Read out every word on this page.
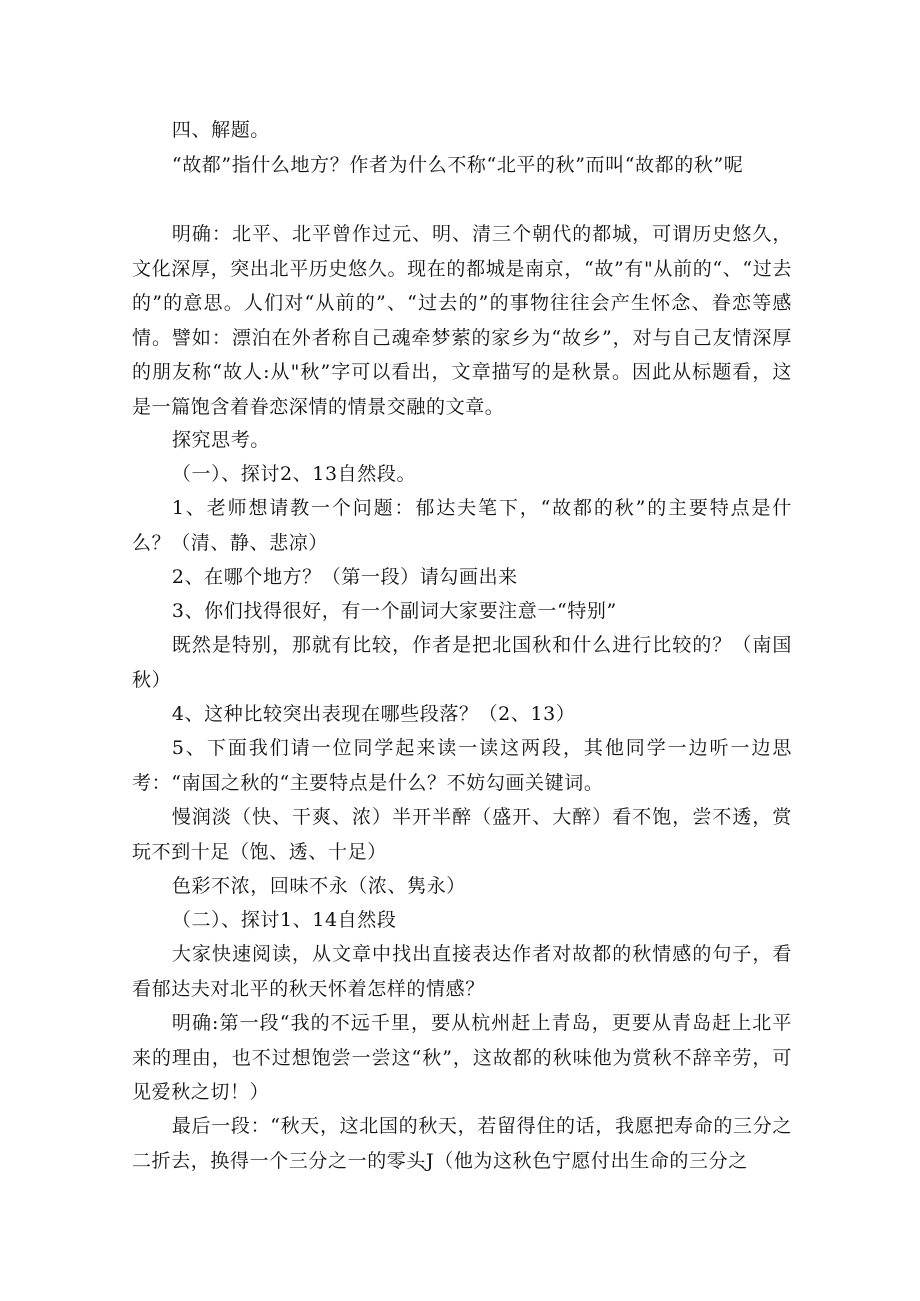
四、解题。

“故都”指什么地方？作者为什么不称“北平的秋”而叫“故都的秋”呢

明确：北平、北平曾作过元、明、清三个朝代的都城，可谓历史悠久，文化深厚，突出北平历史悠久。现在的都城是南京，“故”有"从前的“、“过去的”的意思。人们对“从前的”、“过去的”的事物往往会产生怀念、眷恋等感情。譬如：漂泊在外者称自己魂牵梦萦的家乡为“故乡”，对与自己友情深厚的朋友称“故人:从"秋”字可以看出，文章描写的是秋景。因此从标题看，这是一篇饱含着眷恋深情的情景交融的文章。

探究思考。

（一）、探讨2、13自然段。

1、老师想请教一个问题：郁达夫笔下，“故都的秋”的主要特点是什么？（清、静、悲凉）

2、在哪个地方？（第一段）请勾画出来

3、你们找得很好，有一个副词大家要注意一“特别”

既然是特别，那就有比较，作者是把北国秋和什么进行比较的？（南国秋）

4、这种比较突出表现在哪些段落？（2、13）

5、下面我们请一位同学起来读一读这两段，其他同学一边听一边思考：“南国之秋的“主要特点是什么？不妨勾画关键词。

慢润淡（快、干爽、浓）半开半醉（盛开、大醉）看不饱，尝不透，赏玩不到十足（饱、透、十足）

色彩不浓，回味不永（浓、隽永）

（二）、探讨1、14自然段

大家快速阅读，从文章中找出直接表达作者对故都的秋情感的句子，看看郁达夫对北平的秋天怀着怎样的情感？

明确:第一段“我的不远千里，要从杭州赶上青岛，更要从青岛赶上北平来的理由，也不过想饱尝一尝这“秋”，这故都的秋味他为赏秋不辞辛劳，可见爱秋之切！）

最后一段：“秋天，这北国的秋天，若留得住的话，我愿把寿命的三分之二折去，换得一个三分之一的零头J（他为这秋色宁愿付出生命的三分之
